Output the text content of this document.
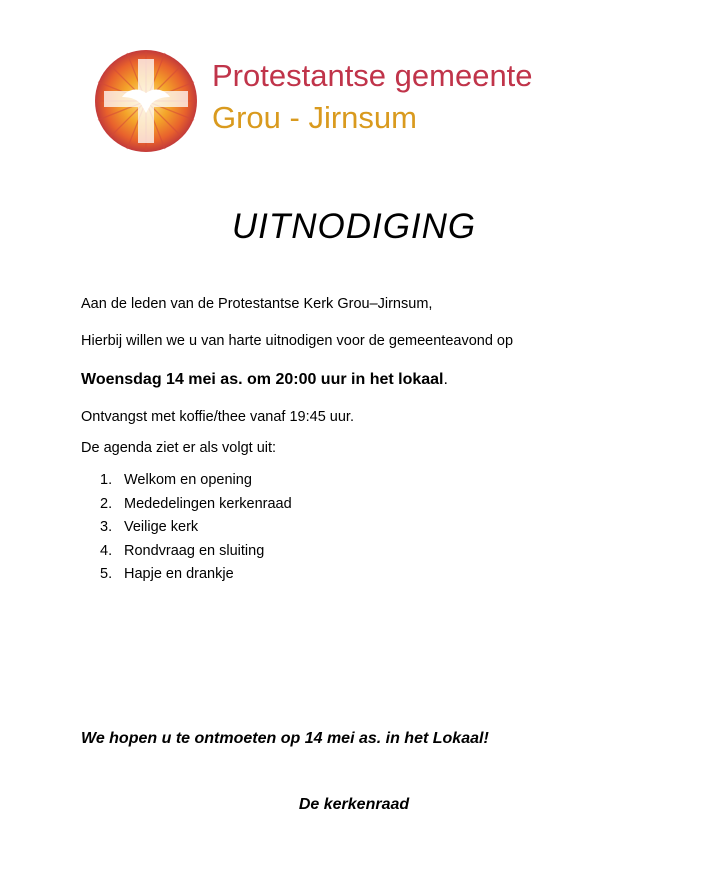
Protestantse gemeente
Grou - Jirnsum
UITNODIGING
Aan de leden van de Protestantse Kerk Grou–Jirnsum,
Hierbij willen we u van harte uitnodigen voor de gemeenteavond op
Woensdag 14 mei as. om 20:00 uur in het lokaal.
Ontvangst met koffie/thee vanaf 19:45 uur.
De agenda ziet er als volgt uit:
1. Welkom en opening
2. Mededelingen kerkenraad
3. Veilige kerk
4. Rondvraag en sluiting
5. Hapje en drankje
We hopen u te ontmoeten op 14 mei as. in het Lokaal!
De kerkenraad
